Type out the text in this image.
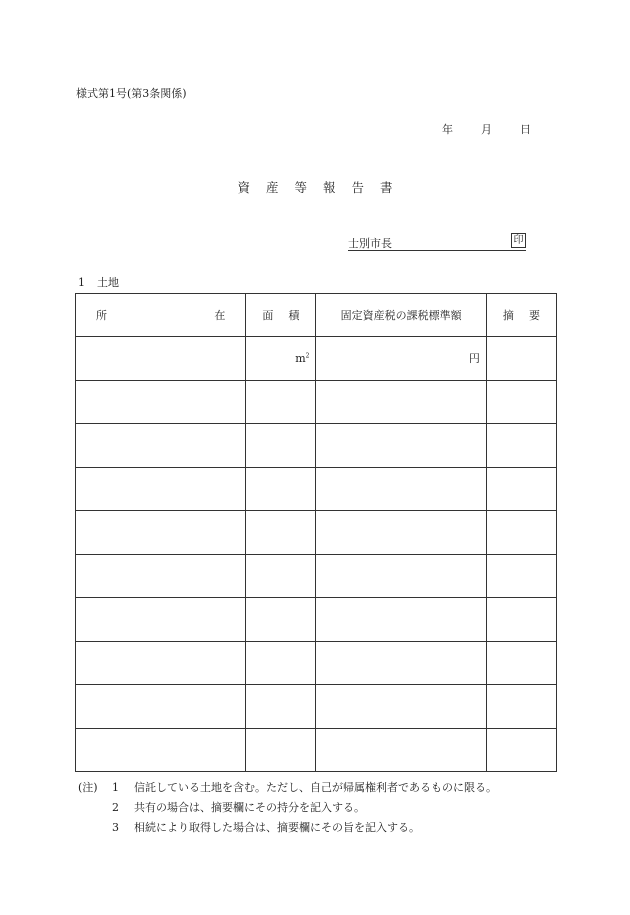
様式第1号(第3条関係)
年	月	日
資 産 等 報 告 書
士別市長	印
1 土地
所 在	面 積	固定資産税の課税標準額	摘 要

	$m^2$	円	

(注)	1	信託している土地を含む。ただし、自己が帰属権利者であるものに限る。
2	共有の場合は、摘要欄にその持分を記入する。
3	相続により取得した場合は、摘要欄にその旨を記入する。
